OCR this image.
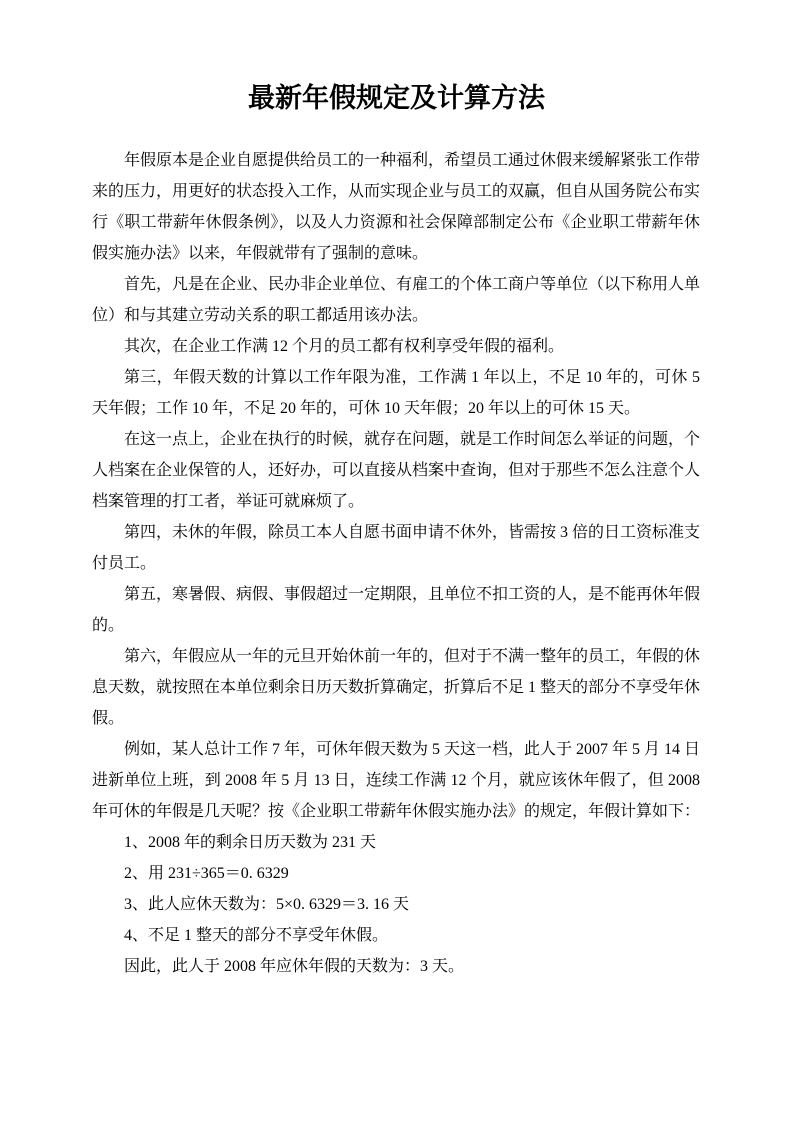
最新年假规定及计算方法

年假原本是企业自愿提供给员工的一种福利，希望员工通过休假来缓解紧张工作带来的压力，用更好的状态投入工作，从而实现企业与员工的双赢，但自从国务院公布实行《职工带薪年休假条例》，以及人力资源和社会保障部制定公布《企业职工带薪年休假实施办法》以来，年假就带有了强制的意味。

首先，凡是在企业、民办非企业单位、有雇工的个体工商户等单位（以下称用人单位）和与其建立劳动关系的职工都适用该办法。

其次，在企业工作满 12 个月的员工都有权利享受年假的福利。

第三，年假天数的计算以工作年限为准，工作满 1 年以上，不足 10 年的，可休 5 天年假；工作 10 年，不足 20 年的，可休 10 天年假；20 年以上的可休 15 天。

在这一点上，企业在执行的时候，就存在问题，就是工作时间怎么举证的问题，个人档案在企业保管的人，还好办，可以直接从档案中查询，但对于那些不怎么注意个人档案管理的打工者，举证可就麻烦了。

第四，未休的年假，除员工本人自愿书面申请不休外，皆需按 3 倍的日工资标准支付员工。

第五，寒暑假、病假、事假超过一定期限，且单位不扣工资的人，是不能再休年假的。

第六，年假应从一年的元旦开始休前一年的，但对于不满一整年的员工，年假的休息天数，就按照在本单位剩余日历天数折算确定，折算后不足 1 整天的部分不享受年休假。

例如，某人总计工作 7 年，可休年假天数为 5 天这一档，此人于 2007 年 5 月 14 日进新单位上班，到 2008 年 5 月 13 日，连续工作满 12 个月，就应该休年假了，但 2008 年可休的年假是几天呢？按《企业职工带薪年休假实施办法》的规定，年假计算如下：

1、2008 年的剩余日历天数为 231 天

2、用 231÷365＝0. 6329

3、此人应休天数为：5×0. 6329＝3. 16 天

4、不足 1 整天的部分不享受年休假。

因此，此人于 2008 年应休年假的天数为：3 天。
